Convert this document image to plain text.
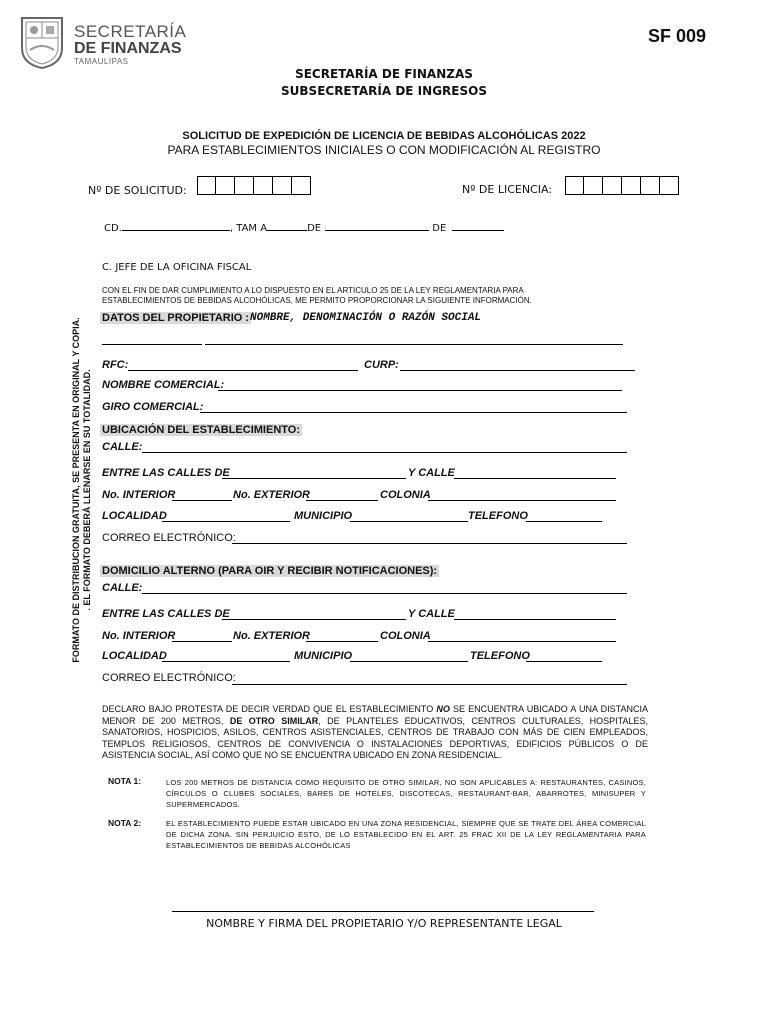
SECRETARÍA
DE FINANZAS
TAMAULIPAS
SF 009
SECRETARÍA DE FINANZAS
SUBSECRETARÍA DE INGRESOS
SOLICITUD DE EXPEDICIÓN DE LICENCIA DE BEBIDAS ALCOHÓLICAS 2022
PARA ESTABLECIMIENTOS INICIALES O CON MODIFICACIÓN AL REGISTRO
Nº DE SOLICITUD:	Nº DE LICENCIA:
CD.	, TAM A	DE	DE
C. JEFE DE LA OFICINA FISCAL
CON EL FIN DE DAR CUMPLIMIENTO A LO DISPUESTO EN EL ARTICULO 25 DE LA LEY REGLAMENTARIA PARA
ESTABLECIMIENTOS DE BEBIDAS ALCOHÓLICAS, ME PERMITO PROPORCIONAR LA SIGUIENTE INFORMACIÓN.
DATOS DEL PROPIETARIO : NOMBRE, DENOMINACIÓN O RAZÓN SOCIAL
RFC:	CURP:
NOMBRE COMERCIAL:
GIRO COMERCIAL:
UBICACIÓN DEL ESTABLECIMIENTO:
CALLE:
ENTRE LAS CALLES DE	Y CALLE
No. INTERIOR	No. EXTERIOR	COLONIA
LOCALIDAD	MUNICIPIO	TELEFONO
CORREO ELECTRÓNICO:
DOMICILIO ALTERNO (PARA OIR Y RECIBIR NOTIFICACIONES):
CALLE:
ENTRE LAS CALLES DE	Y CALLE
No. INTERIOR	No. EXTERIOR	COLONIA
LOCALIDAD	MUNICIPIO	TELEFONO
CORREO ELECTRÓNICO:
DECLARO BAJO PROTESTA DE DECIR VERDAD QUE EL ESTABLECIMIENTO NO SE ENCUENTRA UBICADO A UNA DISTANCIA MENOR DE 200 METROS, DE OTRO SIMILAR, DE PLANTELES EDUCATIVOS, CENTROS CULTURALES, HOSPITALES, SANATORIOS, HOSPICIOS, ASILOS, CENTROS ASISTENCIALES, CENTROS DE TRABAJO CON MÁS DE CIEN EMPLEADOS, TEMPLOS RELIGIOSOS, CENTROS DE CONVIVENCIA O INSTALACIONES DEPORTIVAS, EDIFICIOS PÚBLICOS O DE ASISTENCIA SOCIAL, ASÍ COMO QUE NO SE ENCUENTRA UBICADO EN ZONA RESIDENCIAL.
NOTA 1:	LOS 200 METROS DE DISTANCIA COMO REQUISITO DE OTRO SIMILAR, NO SON APLICABLES A: RESTAURANTES, CASINOS, CÍRCULOS O CLUBES SOCIALES, BARES DE HOTELES, DISCOTECAS, RESTAURANT-BAR, ABARROTES, MINISUPER Y SUPERMERCADOS.
NOTA 2:	EL ESTABLECIMIENTO PUEDE ESTAR UBICADO EN UNA ZONA RESIDENCIAL, SIEMPRE QUE SE TRATE DEL ÁREA COMERCIAL DE DICHA ZONA. SIN PERJUICIO ESTO, DE LO ESTABLECIDO EN EL ART. 25 FRAC XII DE LA LEY REGLAMENTARIA PARA ESTABLECIMIENTOS DE BEBIDAS ALCOHÓLICAS
FORMATO DE DISTRIBUCION GRATUITA, SE PRESENTA EN ORIGINAL Y COPIA. . EL FORMATO DEBERÁ LLENARSE EN SU TOTALIDAD.
NOMBRE Y FIRMA DEL PROPIETARIO Y/O REPRESENTANTE LEGAL
